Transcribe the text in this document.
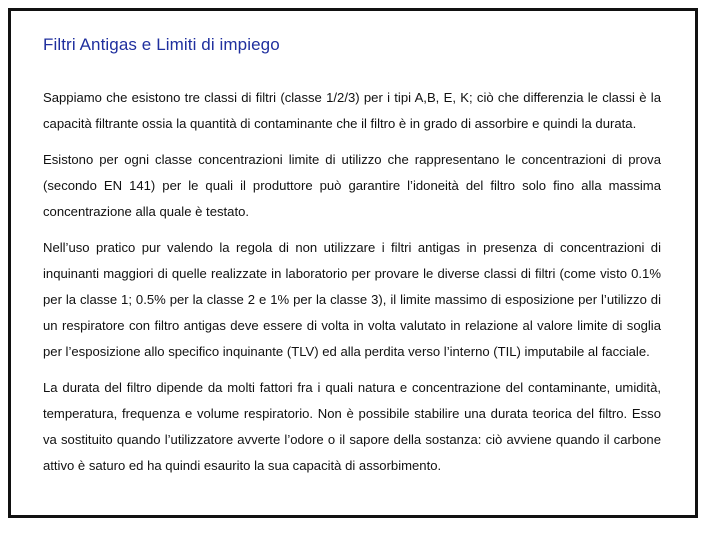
Filtri Antigas e Limiti di impiego

Sappiamo che esistono tre classi di filtri (classe 1/2/3) per i tipi A,B, E, K; ciò che differenzia le classi è la capacità filtrante ossia la quantità di contaminante che il filtro è in grado di assorbire e quindi la durata.

Esistono per ogni classe concentrazioni limite di utilizzo che rappresentano le concentrazioni di prova (secondo EN 141) per le quali il produttore può garantire l’idoneità del filtro solo fino alla massima concentrazione alla quale è testato.

Nell’uso pratico pur valendo la regola di non utilizzare i filtri antigas in presenza di concentrazioni di inquinanti maggiori di quelle realizzate in laboratorio per provare le diverse classi di filtri (come visto 0.1% per la classe 1; 0.5% per la classe 2 e 1% per la classe 3), il limite massimo di esposizione per l’utilizzo di un respiratore con filtro antigas deve essere di volta in volta valutato in relazione al valore limite di soglia per l’esposizione allo specifico inquinante (TLV) ed alla perdita verso l’interno (TIL) imputabile al facciale.

La durata del filtro dipende da molti fattori fra i quali natura e concentrazione del contaminante, umidità, temperatura, frequenza e volume respiratorio. Non è possibile stabilire una durata teorica del filtro. Esso va sostituito quando l’utilizzatore avverte l’odore o il sapore della sostanza: ciò avviene quando il carbone attivo è saturo ed ha quindi esaurito la sua capacità di assorbimento.
